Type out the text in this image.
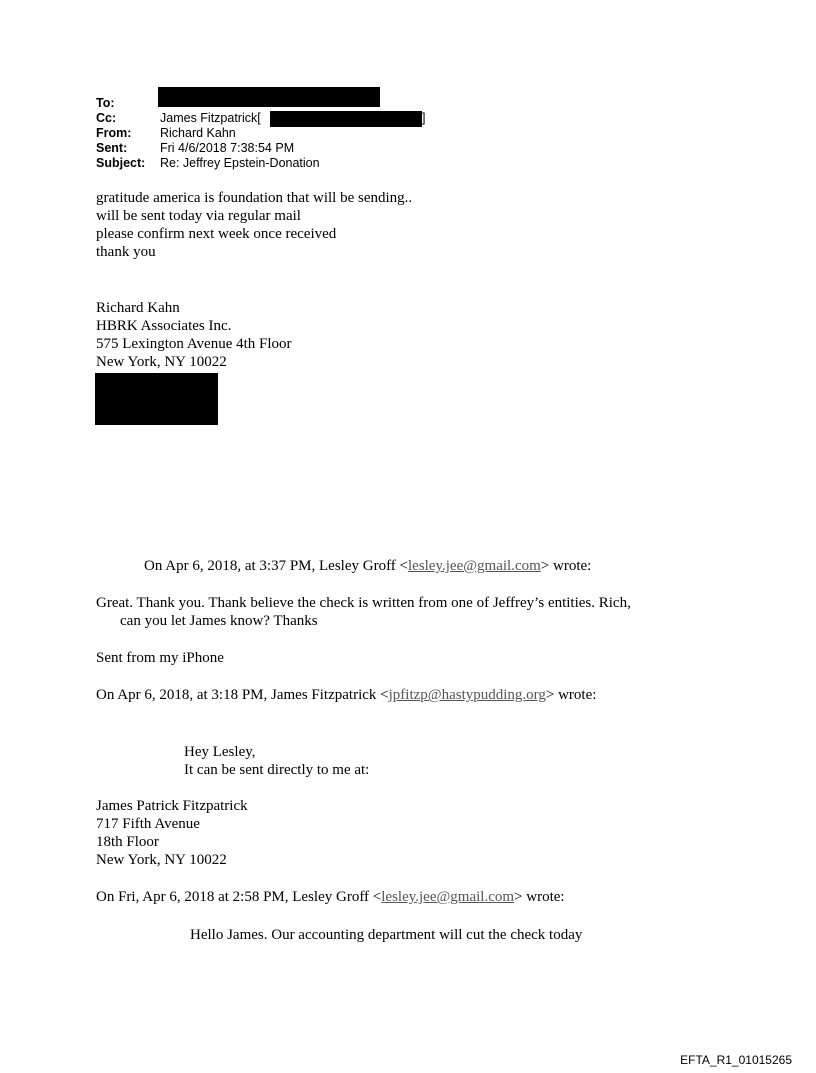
To:
Cc:	James Fitzpatrick[	]
From: Richard Kahn
Sent:	Fri 4/6/2018 7:38:54 PM
Subject: Re: Jeffrey Epstein-Donation
gratitude america is foundation that will be sending..
will be sent today via regular mail
please confirm next week once received
thank you
Richard Kahn
HBRK Associates Inc.
575 Lexington Avenue 4th Floor
New York, NY 10022
On Apr 6, 2018, at 3:37 PM, Lesley Groff <lesley.jee@gmail.com> wrote:
Great. Thank you. Thank believe the check is written from one of Jeffrey’s entities. Rich,
can you let James know? Thanks
Sent from my iPhone
On Apr 6, 2018, at 3:18 PM, James Fitzpatrick <jpfitzp@hastypudding.org> wrote:
Hey Lesley,
It can be sent directly to me at:
James Patrick Fitzpatrick
717 Fifth Avenue
18th Floor
New York, NY 10022
On Fri, Apr 6, 2018 at 2:58 PM, Lesley Groff <lesley.jee@gmail.com> wrote:
Hello James. Our accounting department will cut the check today
EFTA_R1_01015265
